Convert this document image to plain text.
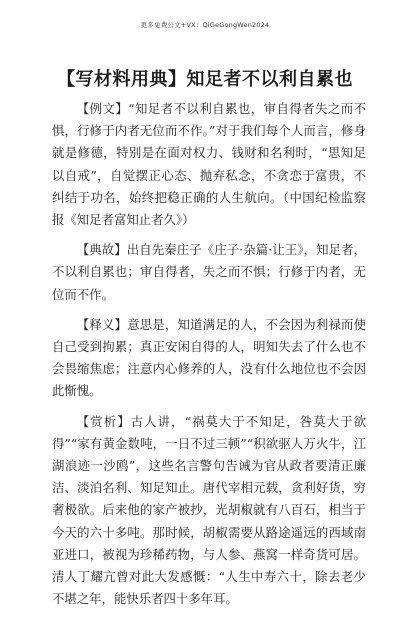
更多免费公文+VX：QiGeGongWen2024
【写材料用典】知足者不以利自累也

【例文】“知足者不以利自累也，审自得者失之而不惧，行修于内者无位而不作。”对于我们每个人而言，修身就是修德，特别是在面对权力、钱财和名利时，“思知足以自戒”，自觉摆正心态、抛弃私念，不贪恋于富贵，不纠结于功名，始终把稳正确的人生航向。（中国纪检监察报《知足者富知止者久》）

【典故】出自先秦庄子《庄子·杂篇·让王》，知足者，不以利自累也；审自得者，失之而不惧；行修于内者，无位而不作。

【释义】意思是，知道满足的人，不会因为利禄而使自己受到拘累；真正安闲自得的人，明知失去了什么也不会畏缩焦虑；注意内心修养的人，没有什么地位也不会因此惭愧。

【赏析】古人讲，“祸莫大于不知足，咎莫大于欲得”“家有黄金数吨，一日不过三顿”“积欲驱人万火牛，江湖浪迹一沙鸥”，这些名言警句告诫为官从政者要清正廉洁、淡泊名利、知足知止。唐代宰相元载，贪利好货，穷奢极欲。后来他的家产被抄，光胡椒就有八百石，相当于今天的六十多吨。那时候，胡椒需要从路途遥远的西域南亚进口，被视为珍稀药物，与人参、燕窝一样奇货可居。清人丁耀亢曾对此大发感慨：“人生中寿六十，除去老少不堪之年，能快乐者四十多年耳。
